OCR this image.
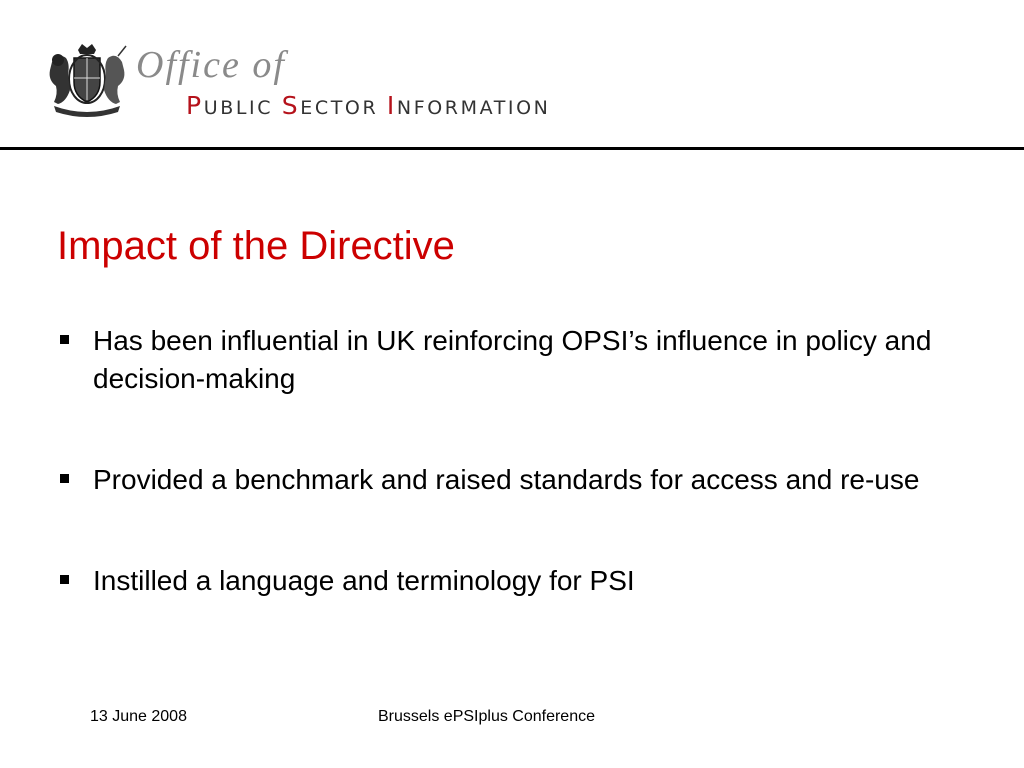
Office of
PUBLIC SECTOR INFORMATION
Impact of the Directive
Has been influential in UK reinforcing OPSI’s influence in policy and decision-making
Provided a benchmark and raised standards for access and re-use
Instilled a language and terminology for PSI
13 June 2008	Brussels ePSIplus Conference
